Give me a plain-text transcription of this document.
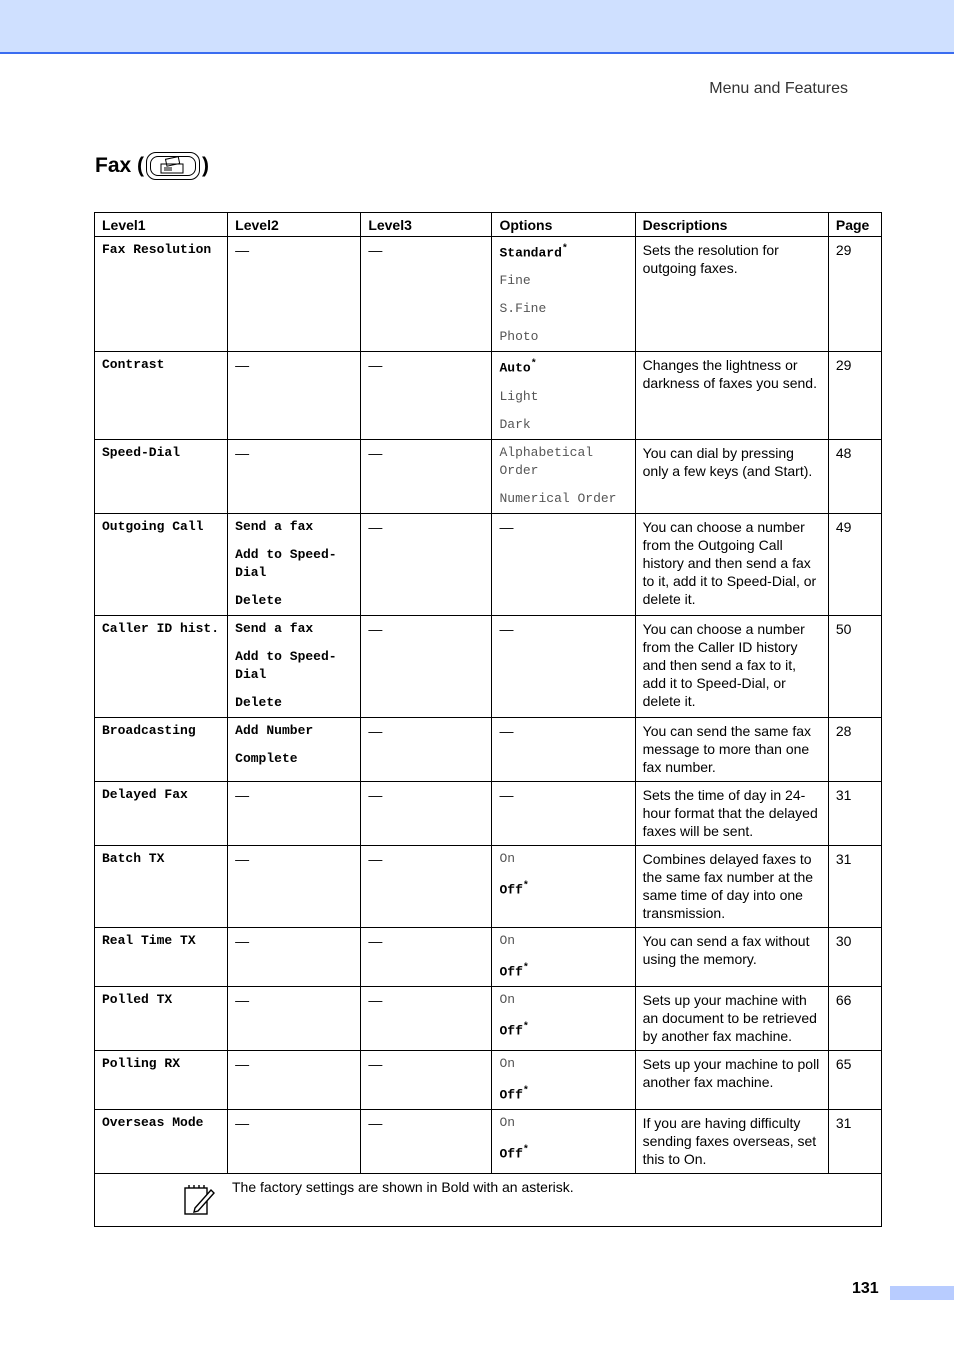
Menu and Features
Fax (	)
Level1	Level2	Level3	Options	Descriptions	Page
Fax Resolution	—	—	Standard*

Fine

S.Fine

Photo	Sets the resolution for outgoing faxes.	29
Contrast	—	—	Auto*

Light

Dark	Changes the lightness or darkness of faxes you send.	29
Speed-Dial	—	—	Alphabetical Order

Numerical Order	You can dial by pressing only a few keys (and Start).	48
Outgoing Call	Send a fax

Add to Speed-Dial

Delete	—	—	You can choose a number from the Outgoing Call history and then send a fax to it, add it to Speed-Dial, or delete it.	49
Caller ID hist.	Send a fax

Add to Speed-Dial

Delete	—	—	You can choose a number from the Caller ID history and then send a fax to it, add it to Speed-Dial, or delete it.	50
Broadcasting	Add Number

Complete	—	—	You can send the same fax message to more than one fax number.	28
Delayed Fax	—	—	—	Sets the time of day in 24-hour format that the delayed faxes will be sent.	31
Batch TX	—	—	On

Off*	Combines delayed faxes to the same fax number at the same time of day into one transmission.	31
Real Time TX	—	—	On

Off*	You can send a fax without using the memory.	30
Polled TX	—	—	On

Off*	Sets up your machine with an document to be retrieved by another fax machine.	66
Polling RX	—	—	On

Off*	Sets up your machine to poll another fax machine.	65
Overseas Mode	—	—	On

Off*	If you are having difficulty sending faxes overseas, set this to On.	31

The factory settings are shown in Bold with an asterisk.					
131
